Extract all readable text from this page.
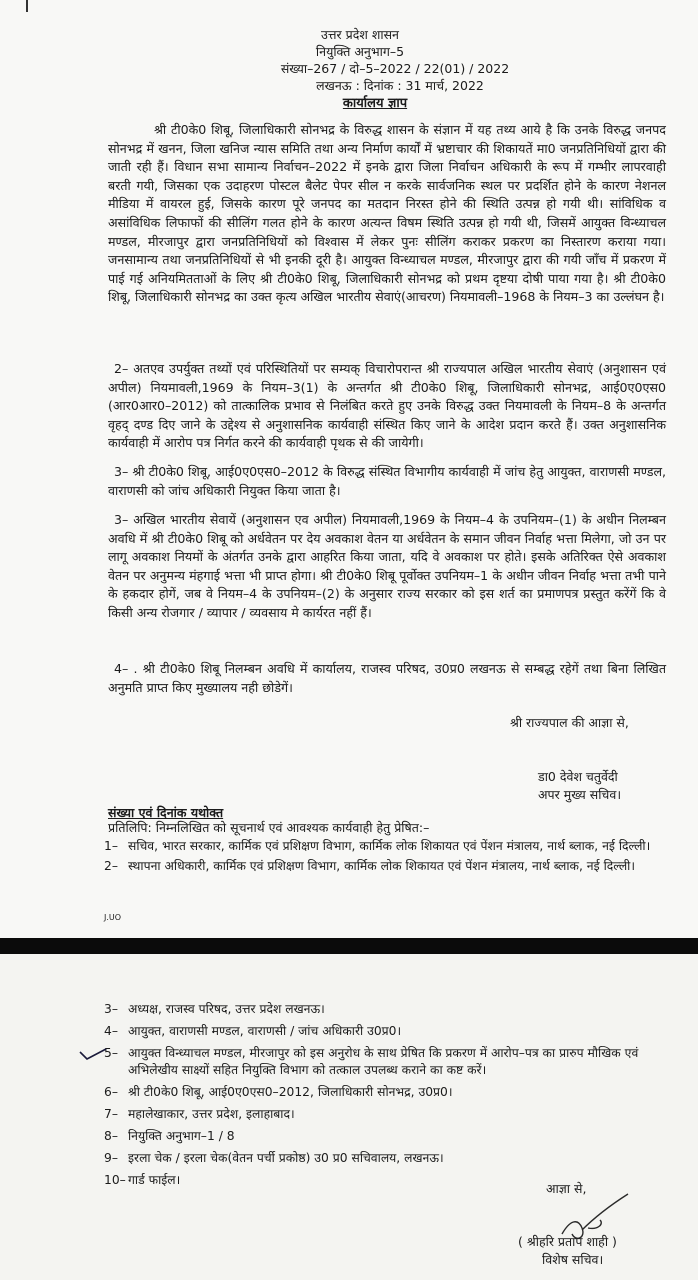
उत्तर प्रदेश शासन
नियुक्ति अनुभाग–5
संख्या–267 / दो–5–2022 / 22(01) / 2022
लखनऊ : दिनांक : 31 मार्च, 2022
कार्यालय ज्ञाप

श्री टी0के0 शिबू, जिलाधिकारी सोनभद्र के विरुद्ध शासन के संज्ञान में यह तथ्य आये है कि उनके विरुद्ध जनपद सोनभद्र में खनन, जिला खनिज न्यास समिति तथा अन्य निर्माण कार्यों में भ्रष्टाचार की शिकायतें मा0 जनप्रतिनिधियों द्वारा की जाती रही हैं। विधान सभा सामान्य निर्वाचन–2022 में इनके द्वारा जिला निर्वाचन अधिकारी के रूप में गम्भीर लापरवाही बरती गयी, जिसका एक उदाहरण पोस्टल बैलेट पेपर सील न करके सार्वजनिक स्थल पर प्रदर्शित होने के कारण नेशनल मीडिया में वायरल हुई, जिसके कारण पूरे जनपद का मतदान निरस्त होने की स्थिति उत्पन्न हो गयी थी। सांविधिक व असांविधिक लिफाफों की सीलिंग गलत होने के कारण अत्यन्त विषम स्थिति उत्पन्न हो गयी थी, जिसमें आयुक्त विन्ध्याचल मण्डल, मीरजापुर द्वारा जनप्रतिनिधियों को विश्वास में लेकर पुनः सीलिंग कराकर प्रकरण का निस्तारण कराया गया। जनसामान्य तथा जनप्रतिनिधियों से भी इनकी दूरी है। आयुक्त विन्ध्याचल मण्डल, मीरजापुर द्वारा की गयी जाँच में प्रकरण में पाई गई अनियमितताओं के लिए श्री टी0के0 शिबू, जिलाधिकारी सोनभद्र को प्रथम दृष्टया दोषी पाया गया है। श्री टी0के0 शिबू, जिलाधिकारी सोनभद्र का उक्त कृत्य अखिल भारतीय सेवाएं(आचरण) नियमावली–1968 के नियम–3 का उल्लंघन है।

2– अतएव उपर्युक्त तथ्यों एवं परिस्थितियों पर सम्यक् विचारोपरान्त श्री राज्यपाल अखिल भारतीय सेवाएं (अनुशासन एवं अपील) नियमावली,1969 के नियम–3(1) के अन्तर्गत श्री टी0के0 शिबू, जिलाधिकारी सोनभद्र, आई0ए0एस0 (आर0आर0–2012) को तात्कालिक प्रभाव से निलंबित करते हुए उनके विरुद्ध उक्त नियमावली के नियम–8 के अन्तर्गत वृहद् दण्ड दिए जाने के उद्देश्य से अनुशासनिक कार्यवाही संस्थित किए जाने के आदेश प्रदान करते हैं। उक्त अनुशासनिक कार्यवाही में आरोप पत्र निर्गत करने की कार्यवाही पृथक से की जायेगी।

3– श्री टी0के0 शिबू, आई0ए0एस0–2012 के विरुद्ध संस्थित विभागीय कार्यवाही में जांच हेतु आयुक्त, वाराणसी मण्डल, वाराणसी को जांच अधिकारी नियुक्त किया जाता है।

3– अखिल भारतीय सेवायें (अनुशासन एव अपील) नियमावली,1969 के नियम–4 के उपनियम–(1) के अधीन निलम्बन अवधि में श्री टी0के0 शिबू को अर्धवेतन पर देय अवकाश वेतन या अर्धवेतन के समान जीवन निर्वाह भत्ता मिलेगा, जो उन पर लागू अवकाश नियमों के अंतर्गत उनके द्वारा आहरित किया जाता, यदि वे अवकाश पर होते। इसके अतिरिक्त ऐसे अवकाश वेतन पर अनुमन्य मंहगाई भत्ता भी प्राप्त होगा। श्री टी0के0 शिबू पूर्वोक्त उपनियम–1 के अधीन जीवन निर्वाह भत्ता तभी पाने के हकदार होगें, जब वे नियम–4 के उपनियम–(2) के अनुसार राज्य सरकार को इस शर्त का प्रमाणपत्र प्रस्तुत करेंगें कि वे किसी अन्य रोजगार / व्यापार / व्यवसाय मे कार्यरत नहीं हैं।

4– . श्री टी0के0 शिबू निलम्बन अवधि में कार्यालय, राजस्व परिषद, उ0प्र0 लखनऊ से सम्बद्ध रहेगें तथा बिना लिखित अनुमति प्राप्त किए मुख्यालय नही छोडेगें।

श्री राज्यपाल की आज्ञा से,
डा0 देवेश चतुर्वेदी
अपर मुख्य सचिव।
संख्या एवं दिनांक यथोक्त
प्रतिलिपि: निम्नलिखित को सूचनार्थ एवं आवश्यक कार्यवाही हेतु प्रेषित:–
1– सचिव, भारत सरकार, कार्मिक एवं प्रशिक्षण विभाग, कार्मिक लोक शिकायत एवं पेंशन मंत्रालय, नार्थ ब्लाक, नई दिल्ली।
2– स्थापना अधिकारी, कार्मिक एवं प्रशिक्षण विभाग, कार्मिक लोक शिकायत एवं पेंशन मंत्रालय, नार्थ ब्लाक, नई दिल्ली।
J.UO
3– अध्यक्ष, राजस्व परिषद, उत्तर प्रदेश लखनऊ।
4– आयुक्त, वाराणसी मण्डल, वाराणसी / जांच अधिकारी उ0प्र0।
5– आयुक्त विन्ध्याचल मण्डल, मीरजापुर को इस अनुरोध के साथ प्रेषित कि प्रकरण में आरोप–पत्र का प्रारुप मौखिक एवं अभिलेखीय साक्ष्यों सहित नियुक्ति विभाग को तत्काल उपलब्ध कराने का कष्ट करें।
6– श्री टी0के0 शिबू, आई0ए0एस0–2012, जिलाधिकारी सोनभद्र, उ0प्र0।
7– महालेखाकार, उत्तर प्रदेश, इलाहाबाद।
8– नियुक्ति अनुभाग–1 / 8
9– इरला चेक / इरला चेक(वेतन पर्ची प्रकोष्ठ) उ0 प्र0 सचिवालय, लखनऊ।
10– गार्ड फाईल।
आज्ञा से,
( श्रीहरि प्रताप शाही )
विशेष सचिव।
